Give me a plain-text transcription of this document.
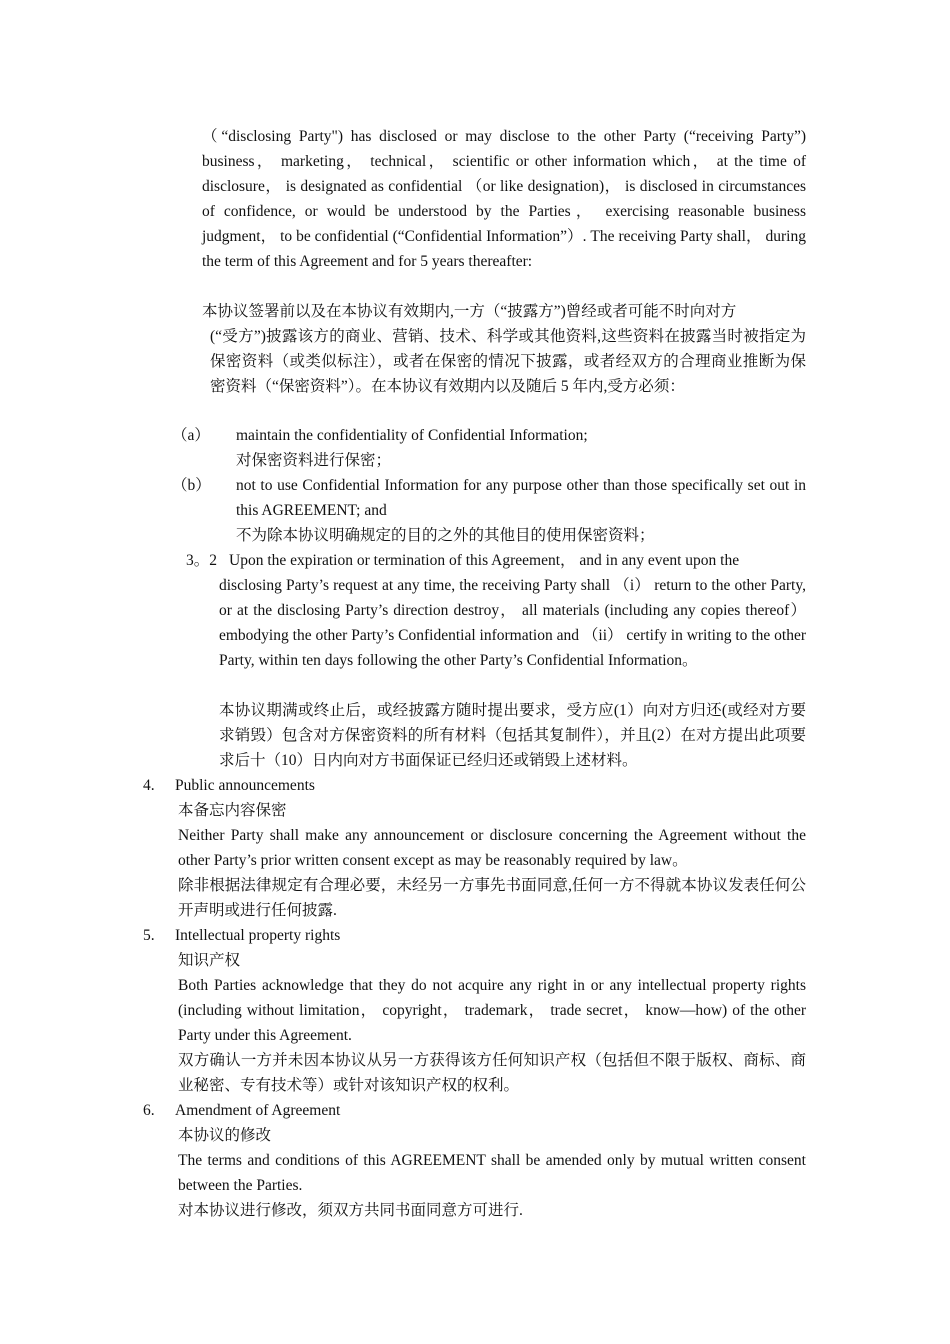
（“disclosing Party") has disclosed or may disclose to the other Party (“receiving Party”) business， marketing， technical， scientific or other information which， at the time of disclosure， is designated as confidential （or like designation)， is disclosed in circumstances of confidence, or would be understood by the Parties， exercising reasonable business judgment， to be confidential (“Confidential Information”）. The receiving Party shall， during the term of this Agreement and for 5 years thereafter:

本协议签署前以及在本协议有效期内,一方（“披露方”)曾经或者可能不时向对方

(“受方”)披露该方的商业、营销、技术、科学或其他资料,这些资料在披露当时被指定为保密资料（或类似标注），或者在保密的情况下披露，或者经双方的合理商业推断为保密资料（“保密资料”）。在本协议有效期内以及随后 5 年内,受方必须：

（a） maintain the confidentiality of Confidential Information;

对保密资料进行保密；

（b） not to use Confidential Information for any purpose other than those specifically set out in this AGREEMENT; and

不为除本协议明确规定的目的之外的其他目的使用保密资料；

3。2 Upon the expiration or termination of this Agreement， and in any event upon the

disclosing Party’s request at any time, the receiving Party shall （i） return to the other Party, or at the disclosing Party’s direction destroy， all materials (including any copies thereof） embodying the other Party’s Confidential information and （ii） certify in writing to the other Party, within ten days following the other Party’s Confidential Information。

本协议期满或终止后，或经披露方随时提出要求，受方应(1）向对方归还(或经对方要求销毁）包含对方保密资料的所有材料（包括其复制件），并且(2）在对方提出此项要求后十（10）日内向对方书面保证已经归还或销毁上述材料。

4. Public announcements

本备忘内容保密

Neither Party shall make any announcement or disclosure concerning the Agreement without the other Party’s prior written consent except as may be reasonably required by law。

除非根据法律规定有合理必要，未经另一方事先书面同意,任何一方不得就本协议发表任何公开声明或进行任何披露.

5. Intellectual property rights

知识产权

Both Parties acknowledge that they do not acquire any right in or any intellectual property rights (including without limitation， copyright， trademark， trade secret， know—how) of the other Party under this Agreement.

双方确认一方并未因本协议从另一方获得该方任何知识产权（包括但不限于版权、商标、商业秘密、专有技术等）或针对该知识产权的权利。

6. Amendment of Agreement

本协议的修改

The terms and conditions of this AGREEMENT shall be amended only by mutual written consent between the Parties.

对本协议进行修改，须双方共同书面同意方可进行.
